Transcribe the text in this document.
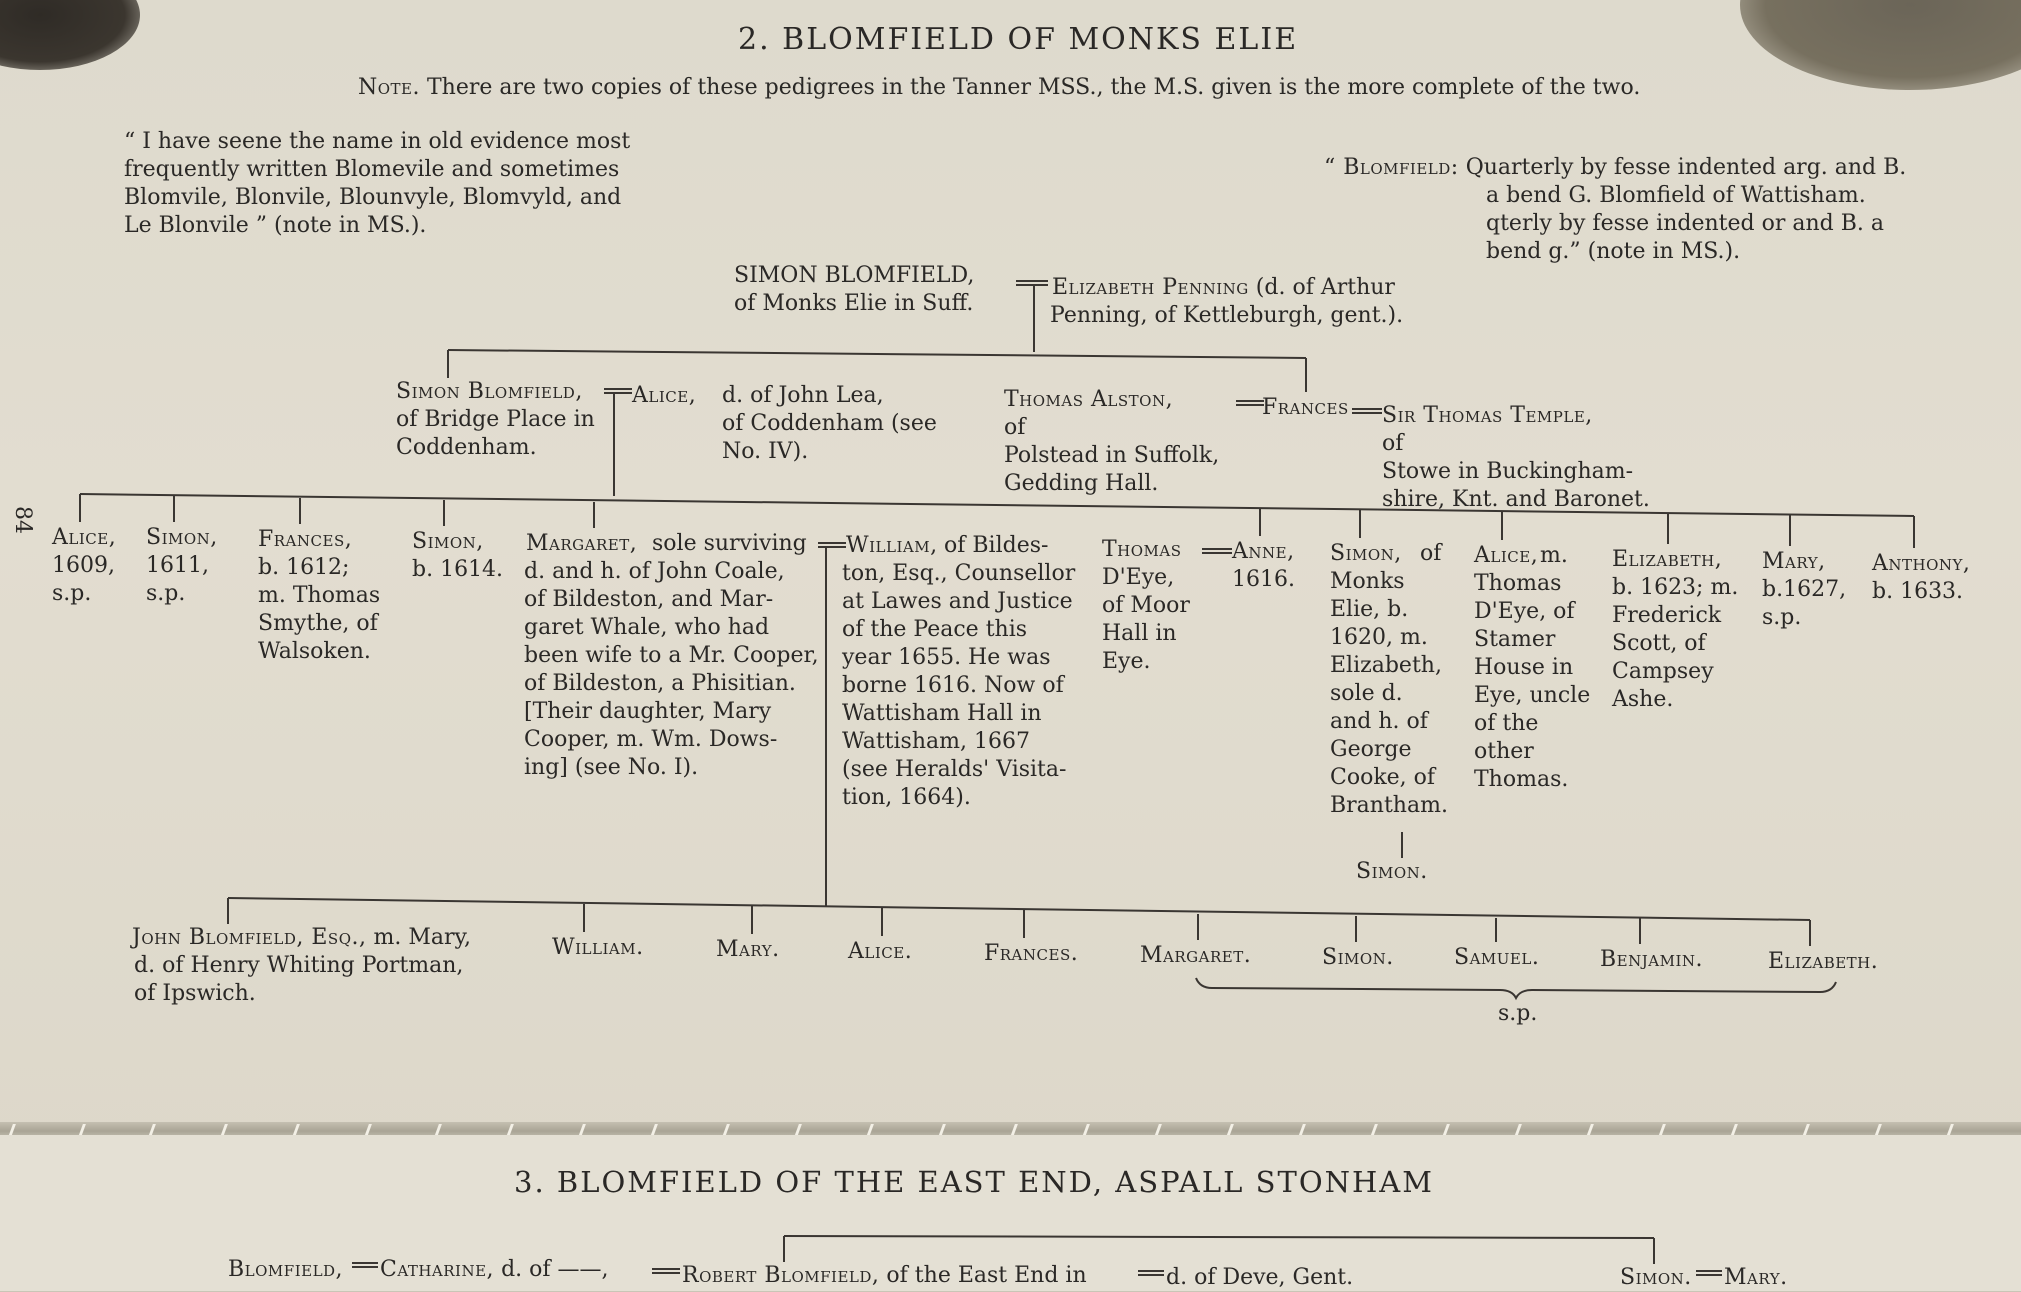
2. BLOMFIELD OF MONKS ELIE
Note. There are two copies of these pedigrees in the Tanner MSS., the M.S. given is the more complete of the two.
“ I have seene the name in old evidence most
frequently written Blomevile and sometimes
Blomvile, Blonvile, Blounvyle, Blomvyld, and
Le Blonvile ” (note in MS.).
“ Blomfield: Quarterly by fesse indented arg. and B.
a bend G. Blomfield of Wattisham.
qterly by fesse indented or and B. a
bend g.” (note in MS.).
SIMON BLOMFIELD,
of Monks Elie in Suff.
Elizabeth Penning (d. of Arthur
Penning, of Kettleburgh, gent.).
Simon Blomfield,
of Bridge Place in
Coddenham.
Alice, d. of John Lea,
of Coddenham (see
No. IV).
Thomas Alston,
of
Polstead in Suffolk,
Gedding Hall.
Frances Sir Thomas Temple,
of
Stowe in Buckingham-
shire, Knt. and Baronet.
84
Alice,
1609,
s.p.
Simon,
1611,
s.p.
Frances,
b. 1612;
m. Thomas
Smythe, of
Walsoken.
Simon,
b. 1614.
Margaret, sole surviving
d. and h. of John Coale,
of Bildeston, and Mar-
garet Whale, who had
been wife to a Mr. Cooper,
of Bildeston, a Phisitian.
[Their daughter, Mary
Cooper, m. Wm. Dows-
ing] (see No. I).
William, of Bildes-
ton, Esq., Counsellor
at Lawes and Justice
of the Peace this
year 1655. He was
borne 1616. Now of
Wattisham Hall in
Wattisham, 1667
(see Heralds' Visita-
tion, 1664).
Thomas
D'Eye,
of Moor
Hall in
Eye.
Anne,
1616.
Simon, of
Monks
Elie, b.
1620, m.
Elizabeth,
sole d.
and h. of
George
Cooke, of
Brantham.
Simon.
Alice, m.
Thomas
D'Eye, of
Stamer
House in
Eye, uncle
of the
other
Thomas.
Elizabeth,
b. 1623; m.
Frederick
Scott, of
Campsey
Ashe.
Mary,
b.1627,
s.p.
Anthony,
b. 1633.
John Blomfield, Esq., m. Mary,
d. of Henry Whiting Portman,
of Ipswich.
William.	Mary.	Alice.	Frances.	Margaret.	Simon.	Samuel.	Benjamin.	Elizabeth.
s.p.
3. BLOMFIELD OF THE EAST END, ASPALL STONHAM
Blomfield, Catharine, d. of ——,	Robert Blomfield, of the East End in	d. of Deve, Gent.	Simon. Mary.
